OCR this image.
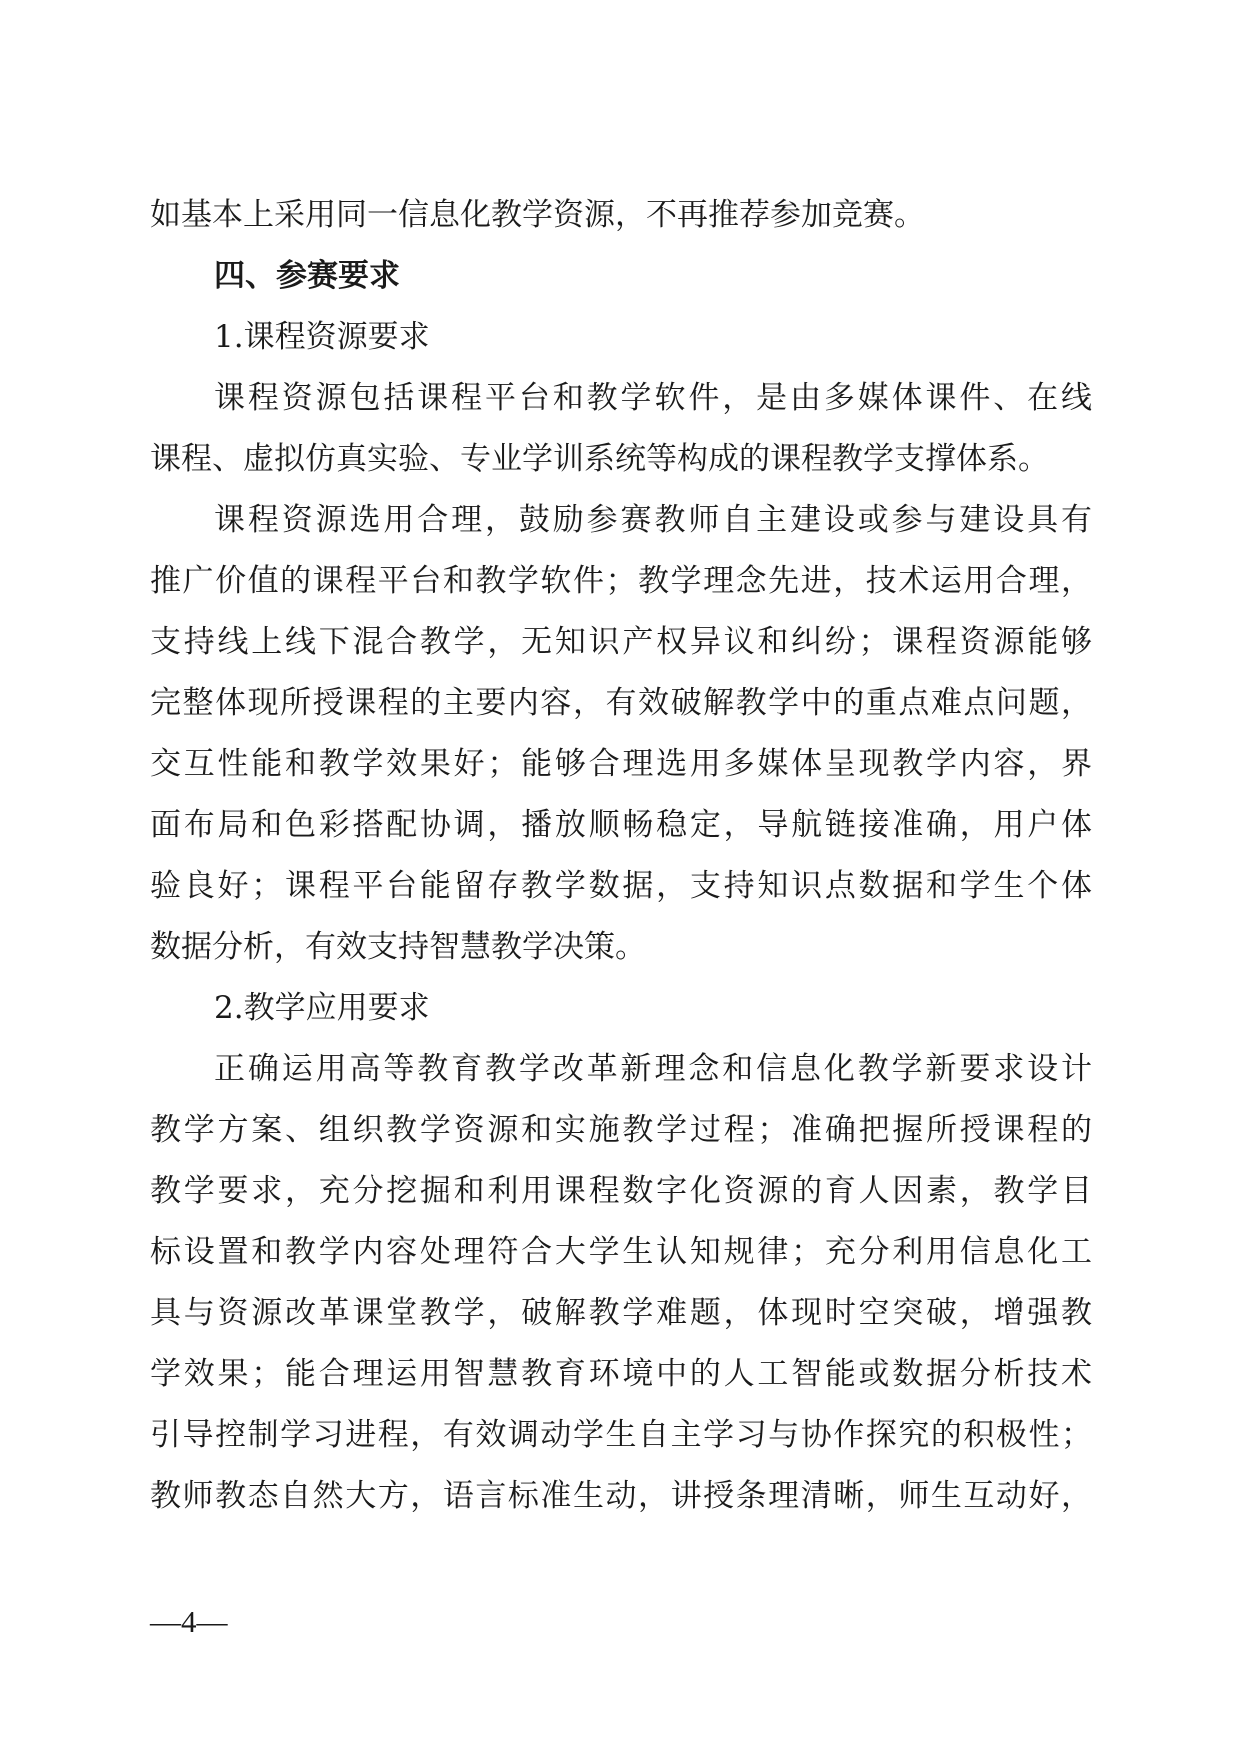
如基本上采用同一信息化教学资源，不再推荐参加竞赛。
四、参赛要求
1.课程资源要求
课程资源包括课程平台和教学软件，是由多媒体课件、在线
课程、虚拟仿真实验、专业学训系统等构成的课程教学支撑体系。
课程资源选用合理，鼓励参赛教师自主建设或参与建设具有
推广价值的课程平台和教学软件；教学理念先进，技术运用合理，
支持线上线下混合教学，无知识产权异议和纠纷；课程资源能够
完整体现所授课程的主要内容，有效破解教学中的重点难点问题，
交互性能和教学效果好；能够合理选用多媒体呈现教学内容，界
面布局和色彩搭配协调，播放顺畅稳定，导航链接准确，用户体
验良好；课程平台能留存教学数据，支持知识点数据和学生个体
数据分析，有效支持智慧教学决策。
2.教学应用要求
正确运用高等教育教学改革新理念和信息化教学新要求设计
教学方案、组织教学资源和实施教学过程；准确把握所授课程的
教学要求，充分挖掘和利用课程数字化资源的育人因素，教学目
标设置和教学内容处理符合大学生认知规律；充分利用信息化工
具与资源改革课堂教学，破解教学难题，体现时空突破，增强教
学效果；能合理运用智慧教育环境中的人工智能或数据分析技术
引导控制学习进程，有效调动学生自主学习与协作探究的积极性；
教师教态自然大方，语言标准生动，讲授条理清晰，师生互动好，
—4—
